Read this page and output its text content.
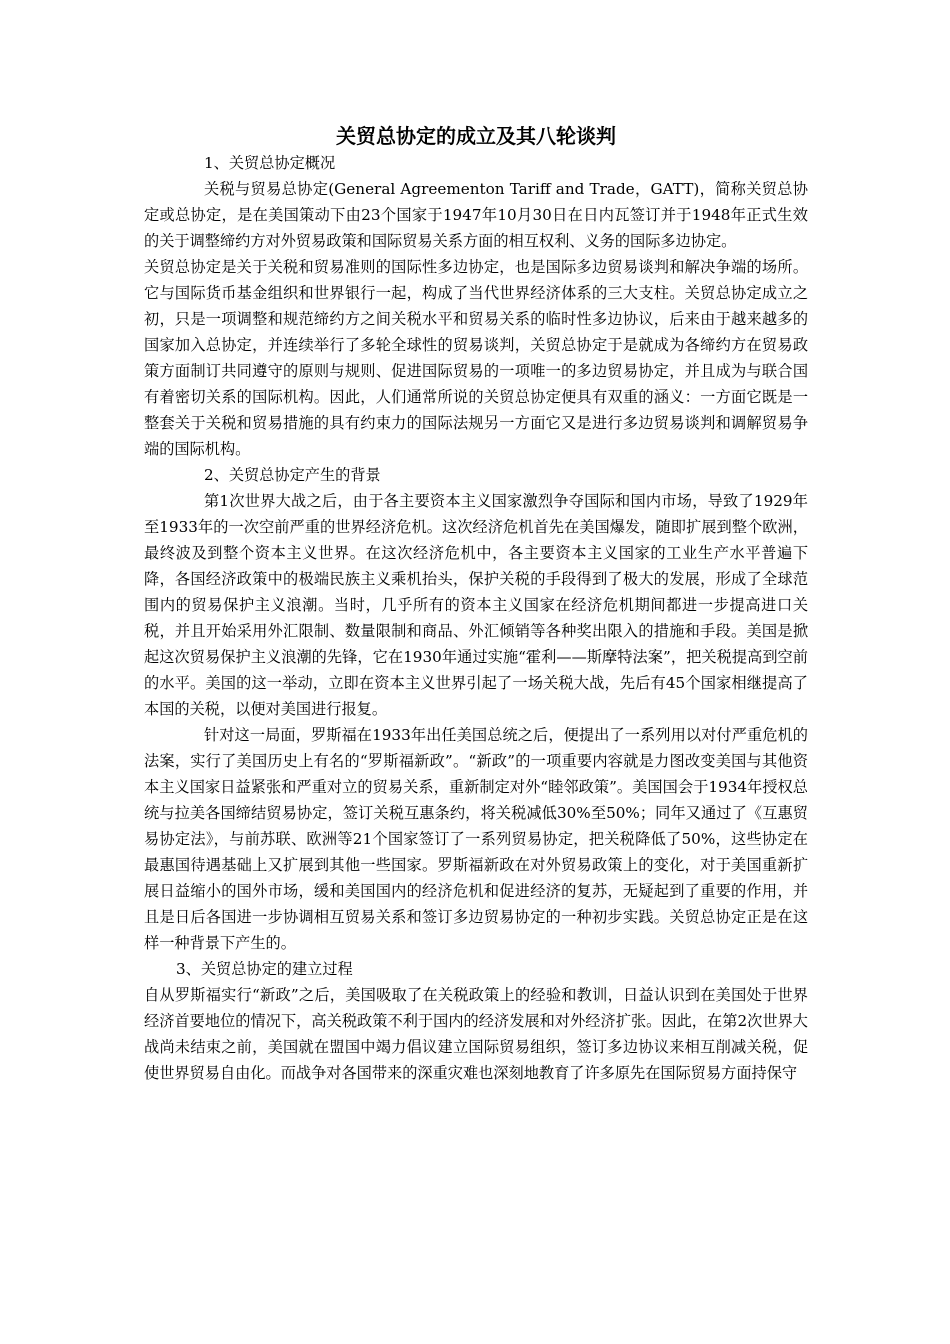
关贸总协定的成立及其八轮谈判

1、关贸总协定概况

关税与贸易总协定(General Agreementon Tariff and Trade，GATT)，简称关贸总协定或总协定，是在美国策动下由23个国家于1947年10月30日在日内瓦签订并于1948年正式生效的关于调整缔约方对外贸易政策和国际贸易关系方面的相互权利、义务的国际多边协定。

关贸总协定是关于关税和贸易准则的国际性多边协定，也是国际多边贸易谈判和解决争端的场所。它与国际货币基金组织和世界银行一起，构成了当代世界经济体系的三大支柱。关贸总协定成立之初，只是一项调整和规范缔约方之间关税水平和贸易关系的临时性多边协议，后来由于越来越多的国家加入总协定，并连续举行了多轮全球性的贸易谈判，关贸总协定于是就成为各缔约方在贸易政策方面制订共同遵守的原则与规则、促进国际贸易的一项唯一的多边贸易协定，并且成为与联合国有着密切关系的国际机构。因此，人们通常所说的关贸总协定便具有双重的涵义：一方面它既是一整套关于关税和贸易措施的具有约束力的国际法规另一方面它又是进行多边贸易谈判和调解贸易争端的国际机构。

2、关贸总协定产生的背景

第1次世界大战之后，由于各主要资本主义国家激烈争夺国际和国内市场，导致了1929年至1933年的一次空前严重的世界经济危机。这次经济危机首先在美国爆发，随即扩展到整个欧洲，最终波及到整个资本主义世界。在这次经济危机中，各主要资本主义国家的工业生产水平普遍下降，各国经济政策中的极端民族主义乘机抬头，保护关税的手段得到了极大的发展，形成了全球范围内的贸易保护主义浪潮。当时，几乎所有的资本主义国家在经济危机期间都进一步提高进口关税，并且开始采用外汇限制、数量限制和商品、外汇倾销等各种奖出限入的措施和手段。美国是掀起这次贸易保护主义浪潮的先锋，它在1930年通过实施“霍利——斯摩特法案”，把关税提高到空前的水平。美国的这一举动，立即在资本主义世界引起了一场关税大战，先后有45个国家相继提高了本国的关税，以便对美国进行报复。

针对这一局面，罗斯福在1933年出任美国总统之后，便提出了一系列用以对付严重危机的法案，实行了美国历史上有名的“罗斯福新政”。“新政”的一项重要内容就是力图改变美国与其他资本主义国家日益紧张和严重对立的贸易关系，重新制定对外“睦邻政策”。美国国会于1934年授权总统与拉美各国缔结贸易协定，签订关税互惠条约，将关税减低30%至50%；同年又通过了《互惠贸易协定法》，与前苏联、欧洲等21个国家签订了一系列贸易协定，把关税降低了50%，这些协定在最惠国待遇基础上又扩展到其他一些国家。罗斯福新政在对外贸易政策上的变化，对于美国重新扩展日益缩小的国外市场，缓和美国国内的经济危机和促进经济的复苏，无疑起到了重要的作用，并且是日后各国进一步协调相互贸易关系和签订多边贸易协定的一种初步实践。关贸总协定正是在这样一种背景下产生的。

3、关贸总协定的建立过程

自从罗斯福实行“新政”之后，美国吸取了在关税政策上的经验和教训，日益认识到在美国处于世界经济首要地位的情况下，高关税政策不利于国内的经济发展和对外经济扩张。因此，在第2次世界大战尚未结束之前，美国就在盟国中竭力倡议建立国际贸易组织，签订多边协议来相互削减关税，促使世界贸易自由化。而战争对各国带来的深重灾难也深刻地教育了许多原先在国际贸易方面持保守
